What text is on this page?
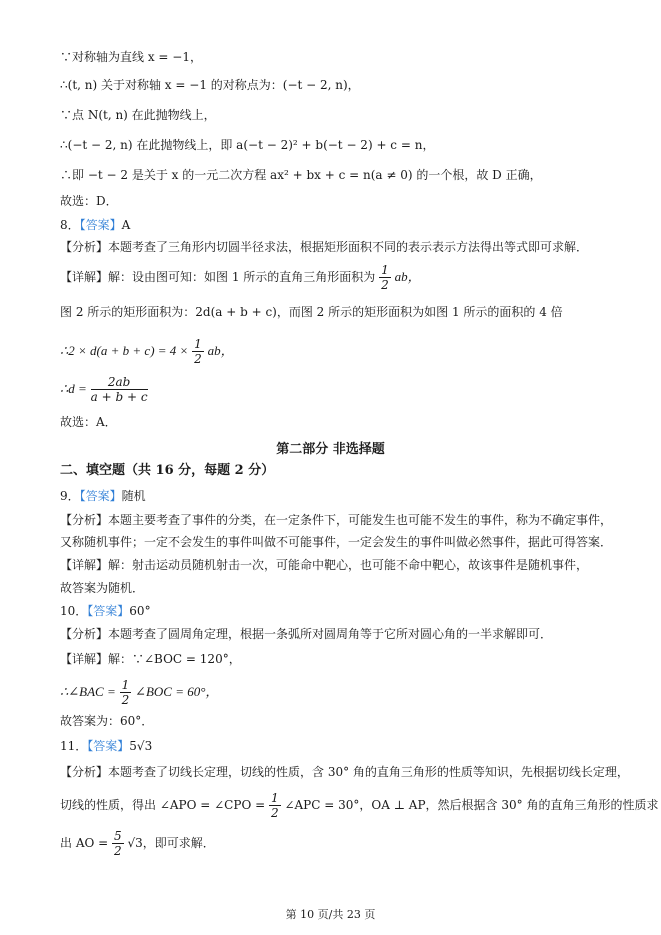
∵对称轴为直线 x = −1，
∴(t, n) 关于对称轴 x = −1 的对称点为：(−t − 2, n)，
∵点 N(t, n) 在此抛物线上，
∴(−t − 2, n) 在此抛物线上，即 a(−t − 2)² + b(−t − 2) + c = n，
∴即 −t − 2 是关于 x 的一元二次方程 ax² + bx + c = n(a ≠ 0) 的一个根，故 D 正确，
故选：D．
8．【答案】A
【分析】本题考查了三角形内切圆半径求法，根据矩形面积不同的表示表示方法得出等式即可求解．
【详解】解：设由图可知：如图 1 所示的直角三角形面积为 $\frac{1}{2}$ ab，
图 2 所示的矩形面积为：2d(a + b + c)，而图 2 所示的矩形面积为如图 1 所示的面积的 4 倍
∴2 × $d(a + b + c) = 4 \times \frac{1}{2}$ ab，
∴d = $\frac{2ab}{a + b + c}$
故选：A．
第二部分 非选择题
二、填空题（共 16 分，每题 2 分）
9．【答案】随机
【分析】本题主要考查了事件的分类，在一定条件下，可能发生也可能不发生的事件，称为不确定事件，
又称随机事件；一定不会发生的事件叫做不可能事件，一定会发生的事件叫做必然事件，据此可得答案．
【详解】解：射击运动员随机射击一次，可能命中靶心，也可能不命中靶心，故该事件是随机事件，
故答案为随机．
10．【答案】60°
【分析】本题考查了圆周角定理，根据一条弧所对圆周角等于它所对圆心角的一半求解即可．
【详解】解：∵∠BOC = 120°，
∴∠BAC = $\frac{1}{2}$ ∠BOC = 60°，
故答案为：60°．
11．【答案】5√3
【分析】本题考查了切线长定理，切线的性质，含 30° 角的直角三角形的性质等知识，先根据切线长定理，
切线的性质，得出 ∠APO = ∠CPO = $\frac{1}{2}$ ∠APC = 30°，OA ⊥ AP，然后根据含 30° 角的直角三角形的性质求
出 AO = $\frac{5}{2} √3$，即可求解．
第 10 页/共 23 页
